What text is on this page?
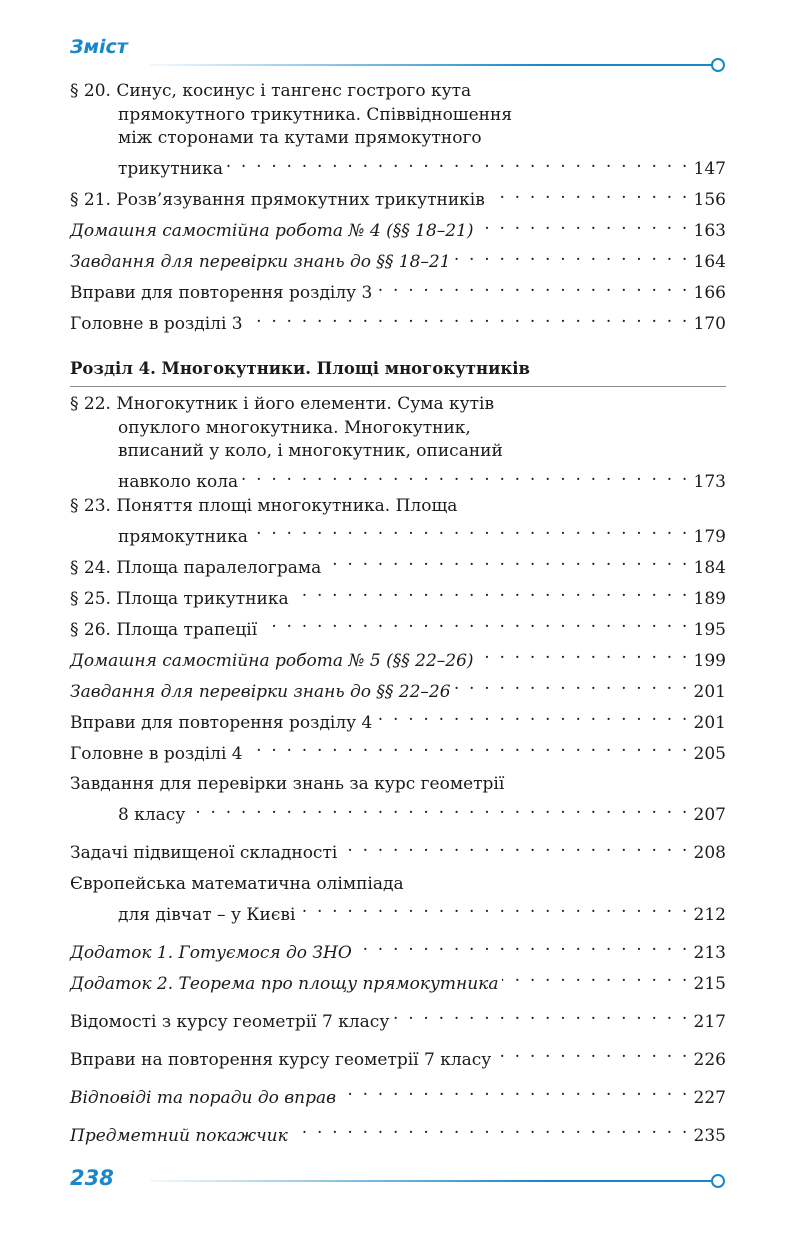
Зміст
§ 20. Синус, косинус і тангенс гострого кута
прямокутного трикутника. Співвідношення
між сторонами та кутами прямокутного
трикутника . . .	147
§ 21. Розв’язування прямокутних трикутників . . .	156
Домашня самостійна робота № 4 (§§ 18–21) . . .	163
Завдання для перевірки знань до §§ 18–21 . . .	164
Вправи для повторення розділу 3 . . .	166
Головне в розділі 3 . . .	170
Розділ 4. Многокутники. Площі многокутників
§ 22. Многокутник і його елементи. Сума кутів
опуклого многокутника. Многокутник,
вписаний у коло, і многокутник, описаний
навколо кола . . .	173
§ 23. Поняття площі многокутника. Площа
прямокутника . . .	179
§ 24. Площа паралелограма . . .	184
§ 25. Площа трикутника . . .	189
§ 26. Площа трапеції . . .	195
Домашня самостійна робота № 5 (§§ 22–26) . . .	199
Завдання для перевірки знань до §§ 22–26 . . .	201
Вправи для повторення розділу 4 . . .	201
Головне в розділі 4 . . .	205
Завдання для перевірки знань за курс геометрії
8 класу . . .	207
Задачі підвищеної складності . . .	208
Європейська математична олімпіада
для дівчат – у Києві . . .	212
Додаток 1. Готуємося до ЗНО . . .	213
Додаток 2. Теорема про площу прямокутника . . .	215
Відомості з курсу геометрії 7 класу . . .	217
Вправи на повторення курсу геометрії 7 класу . . .	226
Відповіді та поради до вправ . . .	227
Предметний покажчик . . .	235
238
